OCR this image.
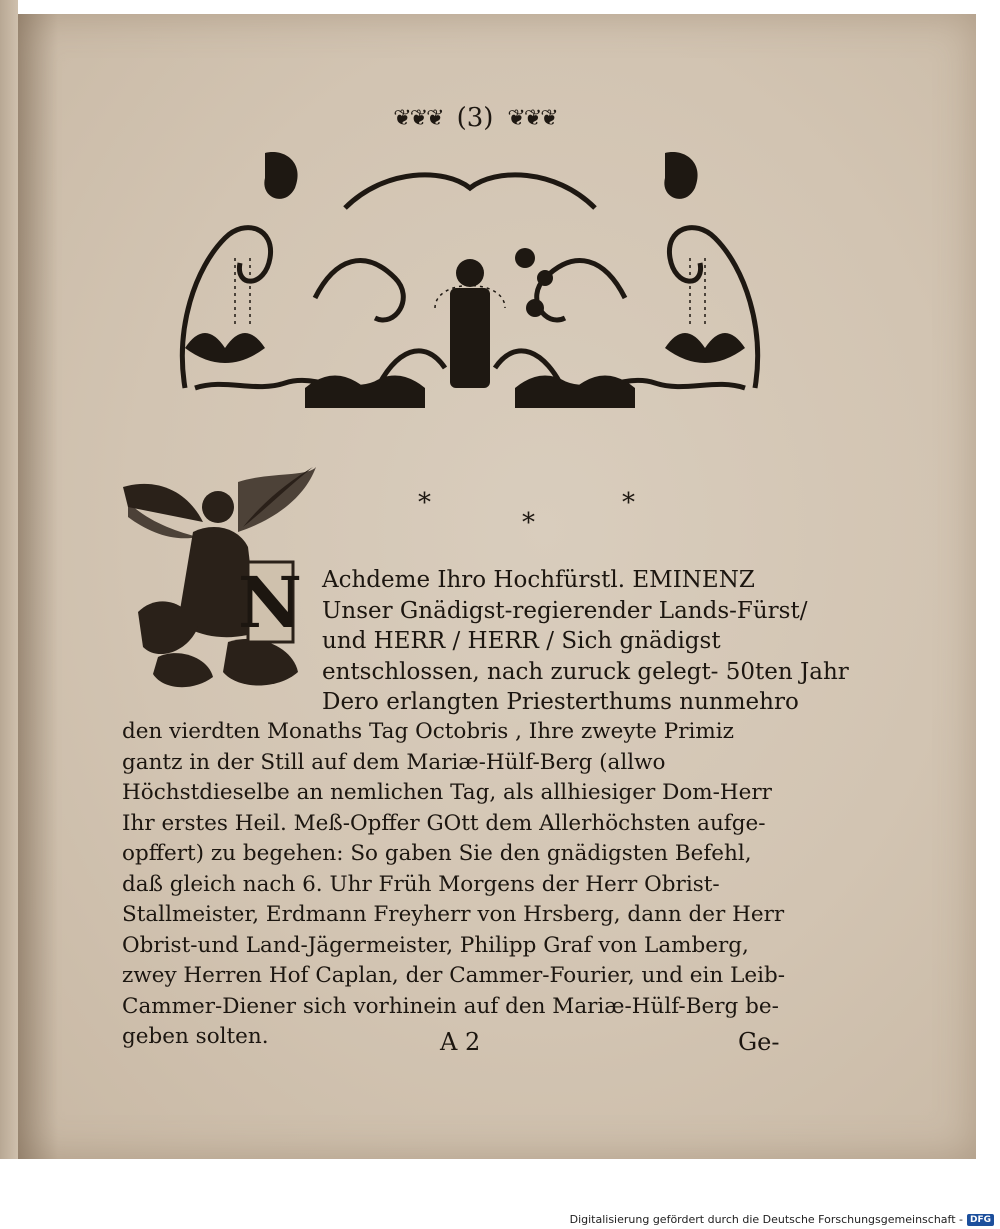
❦❦❦ (3) ❦❦❦
*	*
*
N Achdeme Ihro Hochfürstl. EMINENZ
Unser Gnädigst-regierender Lands-Fürst/
und HERR / HERR / Sich gnädigst
entschlossen, nach zuruck gelegt- 50ten Jahr
Dero erlangten Priesterthums nunmehro
den vierdten Monaths Tag Octobris , Ihre zweyte Primiz
gantz in der Still auf dem Mariæ-Hülf-Berg (allwo
Höchstdieselbe an nemlichen Tag, als allhiesiger Dom-Herr
Ihr erstes Heil. Meß-Opffer GOtt dem Allerhöchsten aufge-
opffert) zu begehen: So gaben Sie den gnädigsten Befehl,
daß gleich nach 6. Uhr Früh Morgens der Herr Obrist-
Stallmeister, Erdmann Freyherr von Hrsberg, dann der Herr
Obrist-und Land-Jägermeister, Philipp Graf von Lamberg,
zwey Herren Hof Caplan, der Cammer-Fourier, und ein Leib-
Cammer-Diener sich vorhinein auf den Mariæ-Hülf-Berg be-
geben solten.	A 2	Ge-
Digitalisierung gefördert durch die Deutsche Forschungsgemeinschaft - DFG
